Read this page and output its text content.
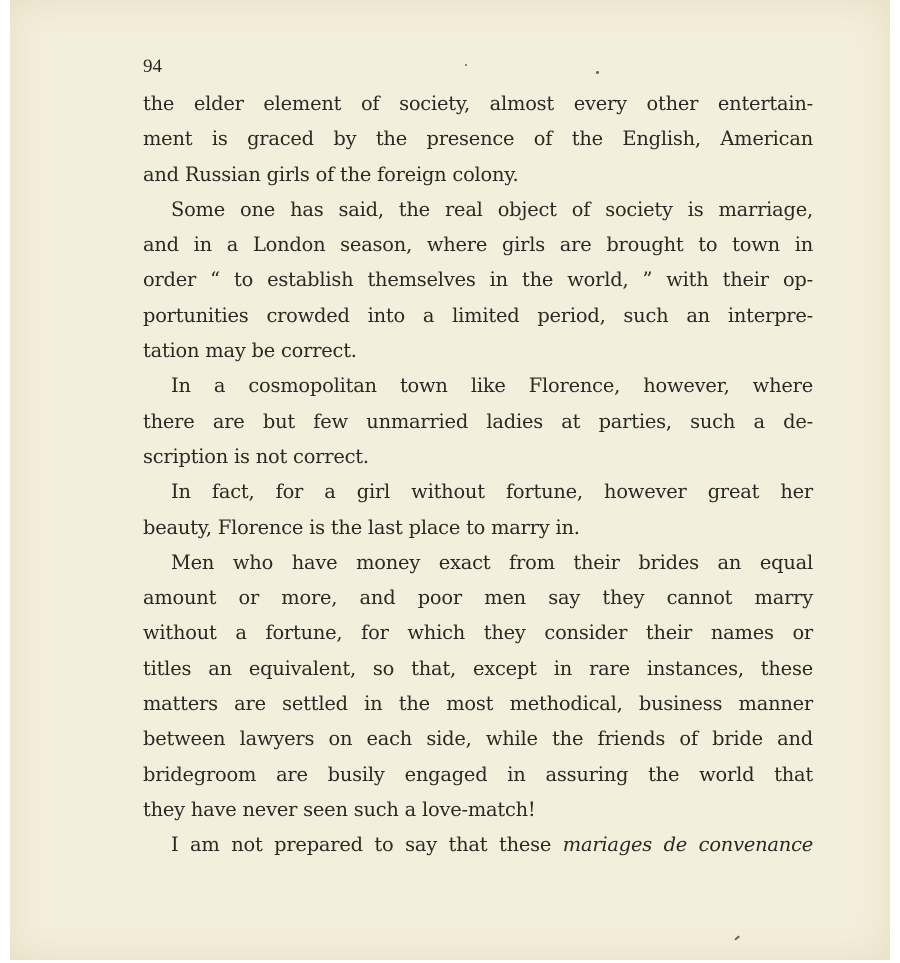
94
the elder element of society, almost every other entertain-
ment is graced by the presence of the English, American
and Russian girls of the foreign colony.
Some one has said, the real object of society is marriage,
and in a London season, where girls are brought to town in
order “ to establish themselves in the world, ” with their op-
portunities crowded into a limited period, such an interpre-
tation may be correct.
In a cosmopolitan town like Florence, however, where
there are but few unmarried ladies at parties, such a de-
scription is not correct.
In fact, for a girl without fortune, however great her
beauty, Florence is the last place to marry in.
Men who have money exact from their brides an equal
amount or more, and poor men say they cannot marry
without a fortune, for which they consider their names or
titles an equivalent, so that, except in rare instances, these
matters are settled in the most methodical, business manner
between lawyers on each side, while the friends of bride and
bridegroom are busily engaged in assuring the world that
they have never seen such a love-match!
I am not prepared to say that these mariages de convenance
